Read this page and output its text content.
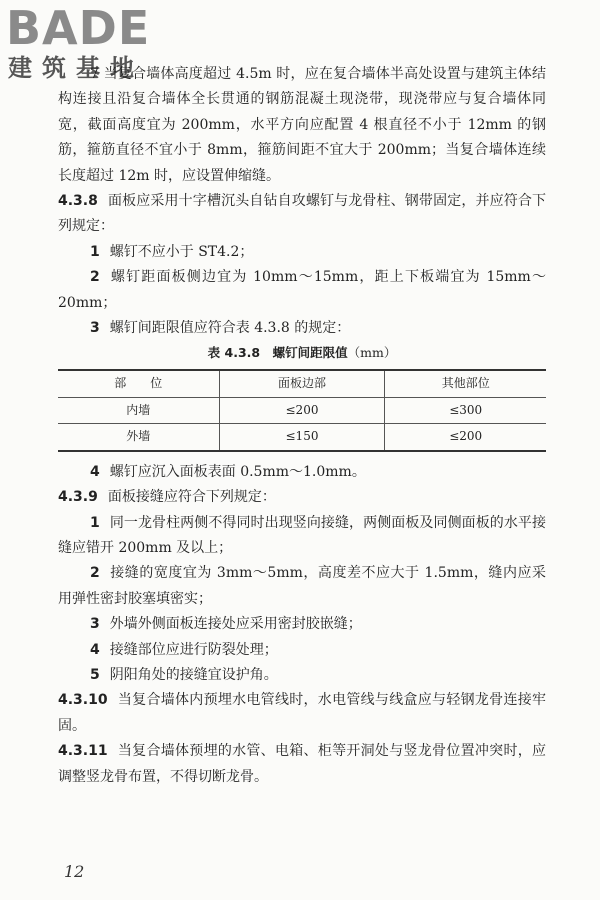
BADE
建筑基地

7 当复合墙体高度超过 4.5m 时，应在复合墙体半高处设置与建筑主体结构连接且沿复合墙体全长贯通的钢筋混凝土现浇带，现浇带应与复合墙体同宽，截面高度宜为 200mm，水平方向应配置 4 根直径不小于 12mm 的钢筋，箍筋直径不宜小于 8mm，箍筋间距不宜大于 200mm；当复合墙体连续长度超过 12m 时，应设置伸缩缝。

4.3.8 面板应采用十字槽沉头自钻自攻螺钉与龙骨柱、钢带固定，并应符合下列规定：

1 螺钉不应小于 ST4.2；

2 螺钉距面板侧边宜为 10mm～15mm，距上下板端宜为 15mm～20mm；

3 螺钉间距限值应符合表 4.3.8 的规定：

表 4.3.8　螺钉间距限值（mm）
部　　位	面板边部	其他部位
内墙	≤200	≤300
外墙	≤150	≤200

4 螺钉应沉入面板表面 0.5mm～1.0mm。

4.3.9 面板接缝应符合下列规定：

1 同一龙骨柱两侧不得同时出现竖向接缝，两侧面板及同侧面板的水平接缝应错开 200mm 及以上；

2 接缝的宽度宜为 3mm～5mm，高度差不应大于 1.5mm，缝内应采用弹性密封胶塞填密实；

3 外墙外侧面板连接处应采用密封胶嵌缝；

4 接缝部位应进行防裂处理；

5 阴阳角处的接缝宜设护角。

4.3.10 当复合墙体内预埋水电管线时，水电管线与线盒应与轻钢龙骨连接牢固。

4.3.11 当复合墙体预埋的水管、电箱、柜等开洞处与竖龙骨位置冲突时，应调整竖龙骨布置，不得切断龙骨。

12
